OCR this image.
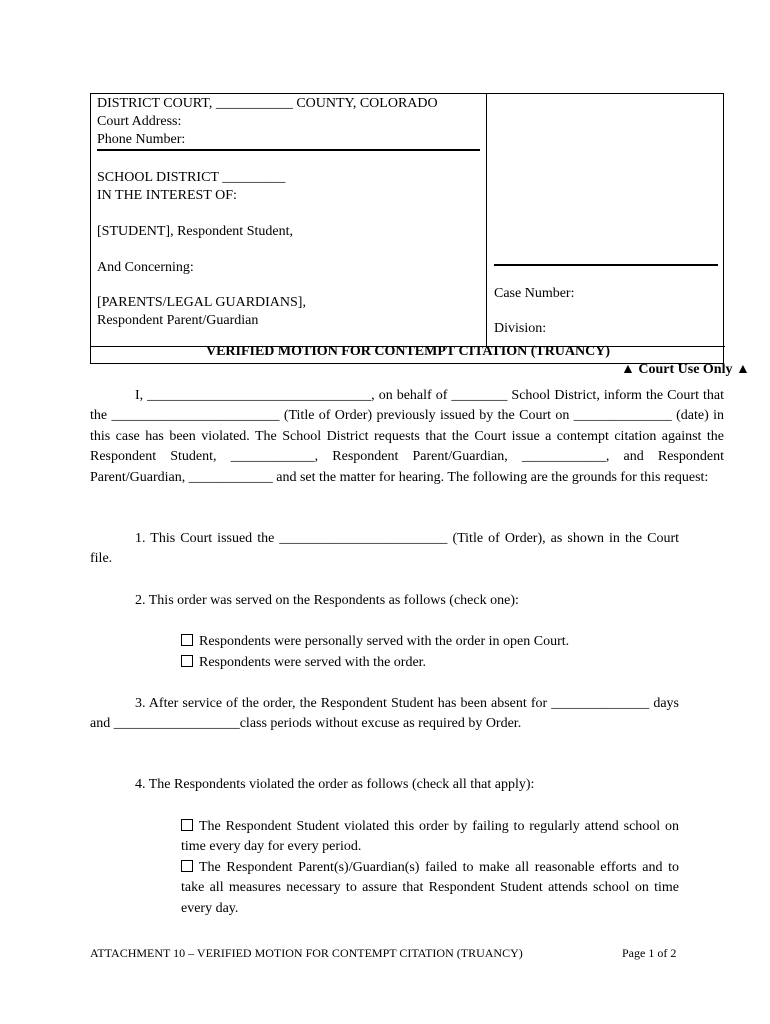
DISTRICT COURT, ___________ COUNTY, COLORADO
Court Address:
Phone Number:
SCHOOL DISTRICT _________
IN THE INTEREST OF:
[STUDENT], Respondent Student,
And Concerning:
[PARENTS/LEGAL GUARDIANS],
Respondent Parent/Guardian
Case Number:
Division:
VERIFIED MOTION FOR CONTEMPT CITATION (TRUANCY)
▲ Court Use Only ▲
I, ________________________________, on behalf of ________ School District, inform the Court that the ________________________ (Title of Order) previously issued by the Court on ______________ (date) in this case has been violated. The School District requests that the Court issue a contempt citation against the Respondent Student, ____________, Respondent Parent/Guardian, ____________, and Respondent Parent/Guardian, ____________ and set the matter for hearing. The following are the grounds for this request:
1. This Court issued the ________________________ (Title of Order), as shown in the Court file.
2. This order was served on the Respondents as follows (check one):
Respondents were personally served with the order in open Court.
Respondents were served with the order.
3. After service of the order, the Respondent Student has been absent for ______________ days and __________________class periods without excuse as required by Order.
4. The Respondents violated the order as follows (check all that apply):
The Respondent Student violated this order by failing to regularly attend school on time every day for every period.
The Respondent Parent(s)/Guardian(s) failed to make all reasonable efforts and to take all measures necessary to assure that Respondent Student attends school on time every day.
ATTACHMENT 10 – VERIFIED MOTION FOR CONTEMPT CITATION (TRUANCY)	Page 1 of 2
